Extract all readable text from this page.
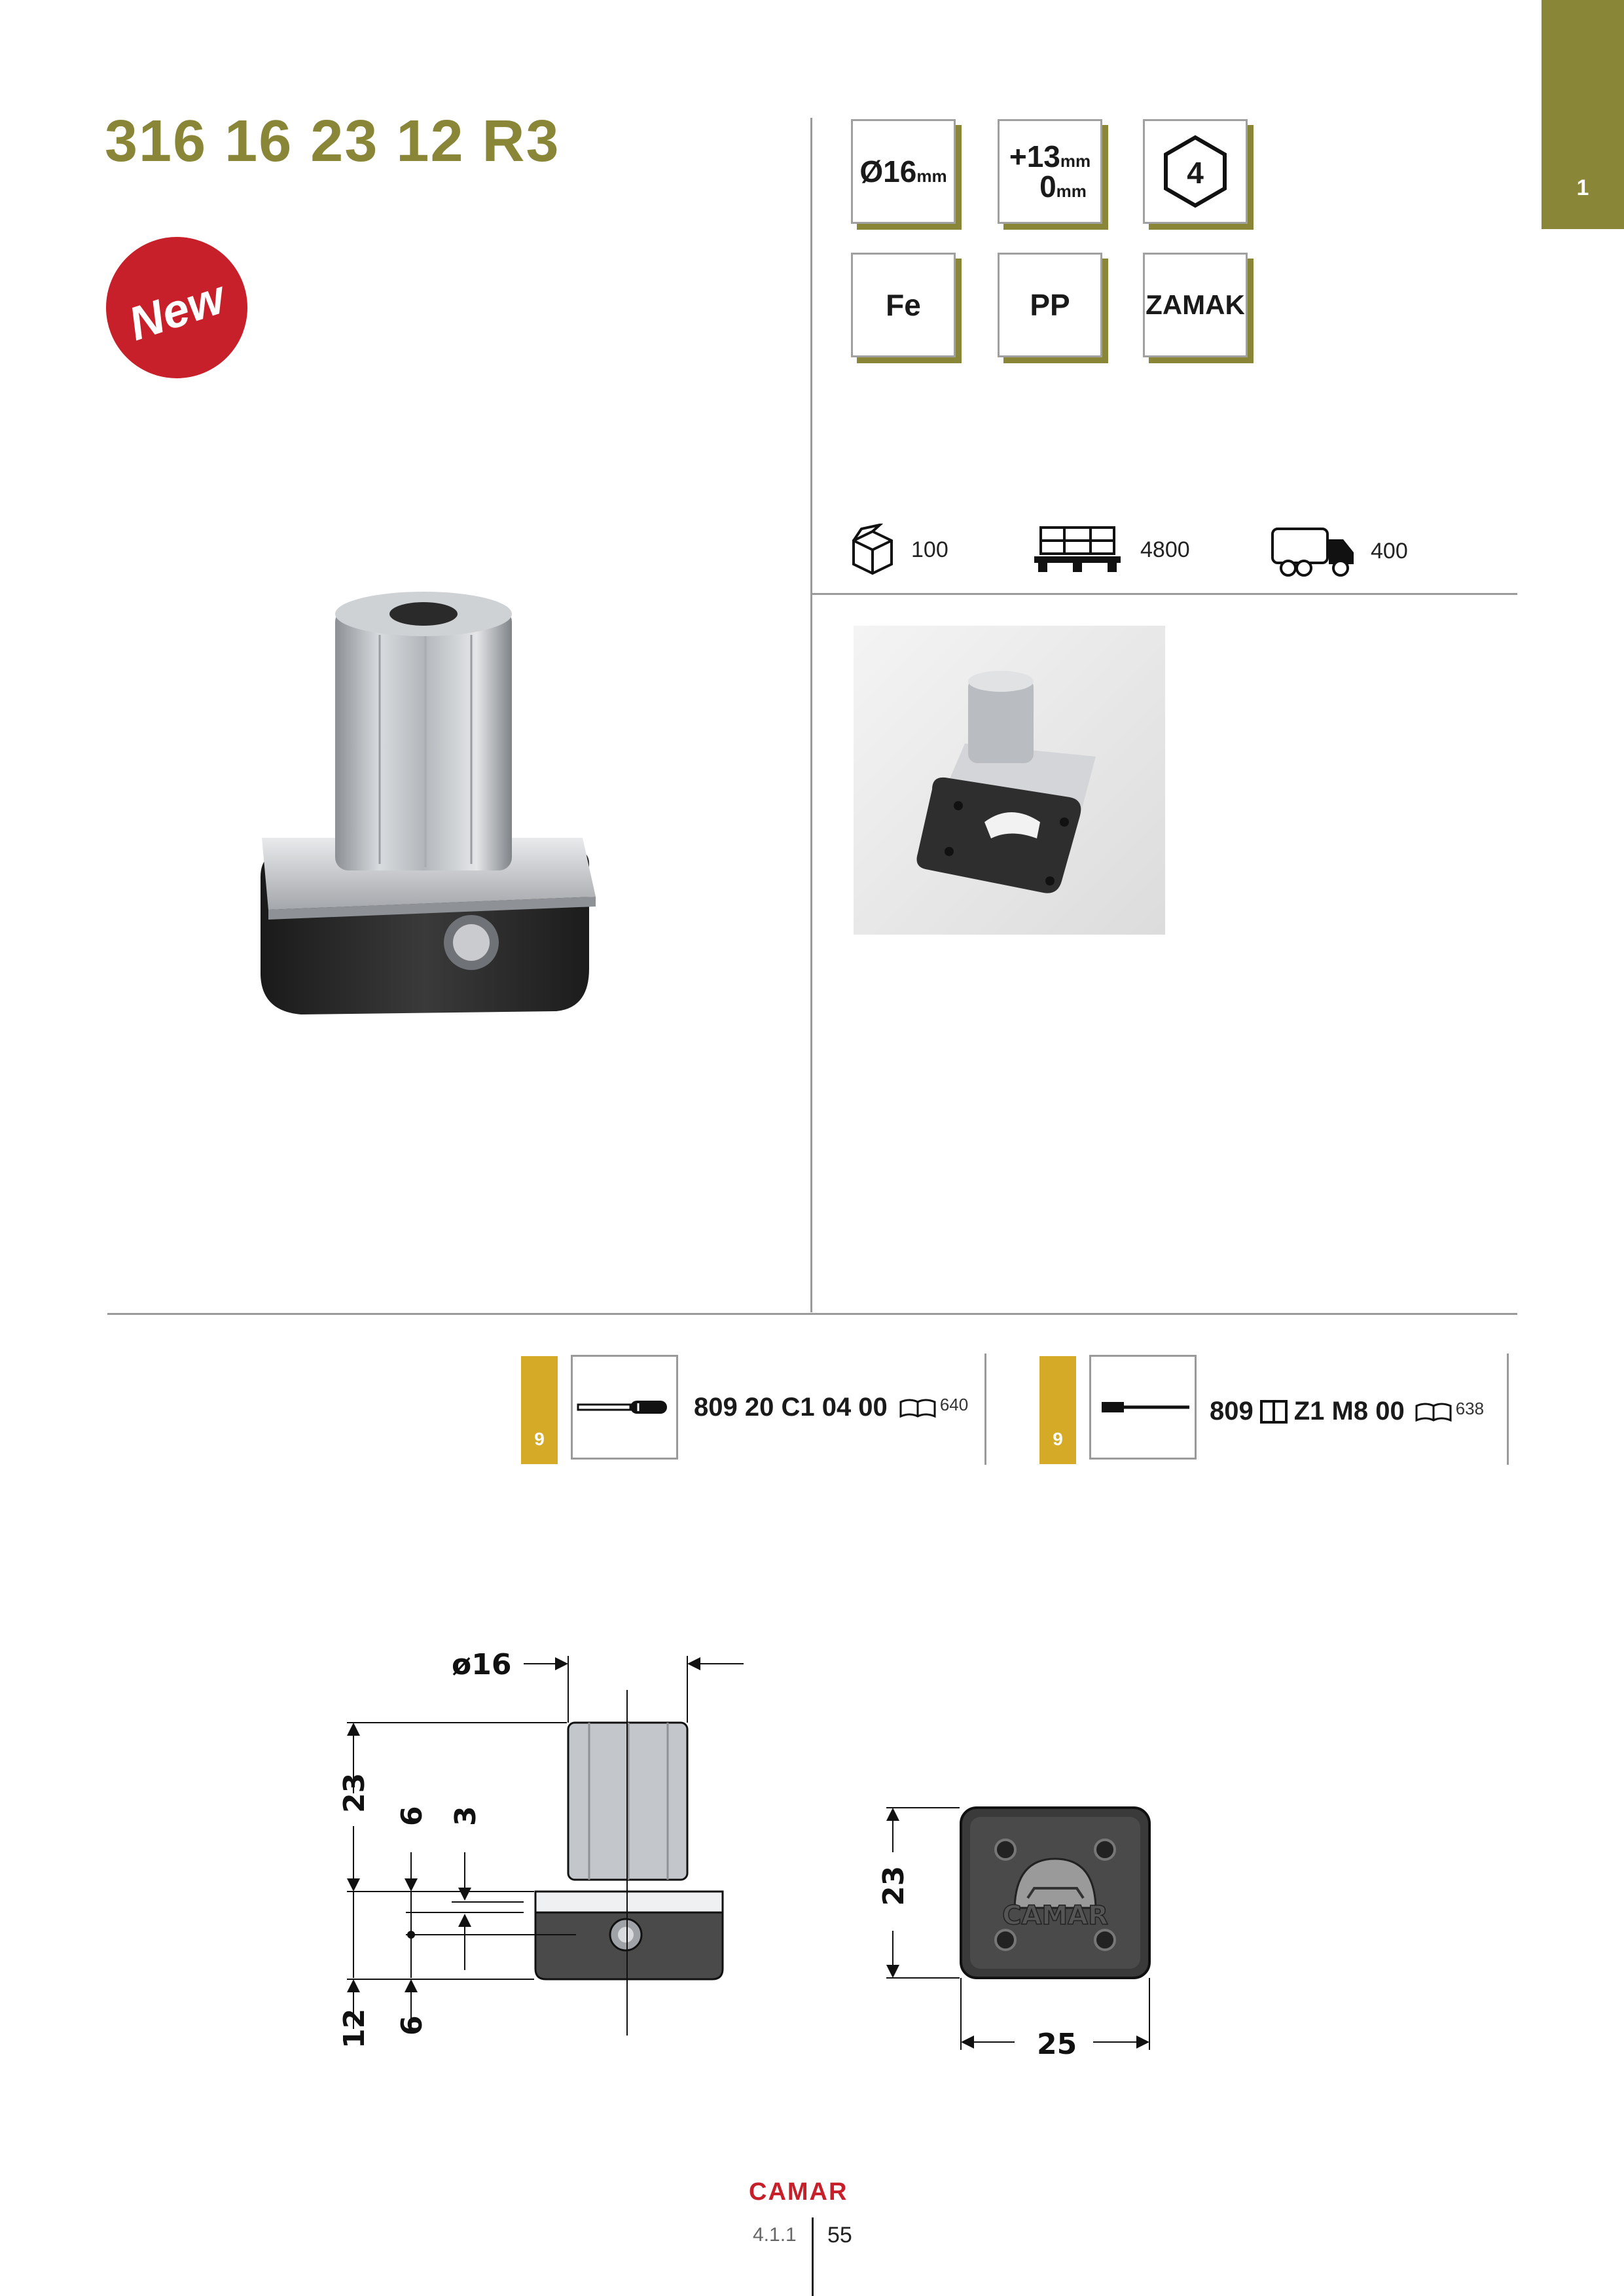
1
316 16 23 12 R3
New
Ø16 mm
+13mm
0mm
4
Fe	PP	ZAMAK
100	4800	400
9
809 20 C1 04 00	640
9
809 Z1 M8 00	638
ø16
23
6 3
12 6
CAMAR
23
25
CAMAR
4.1.1 55
